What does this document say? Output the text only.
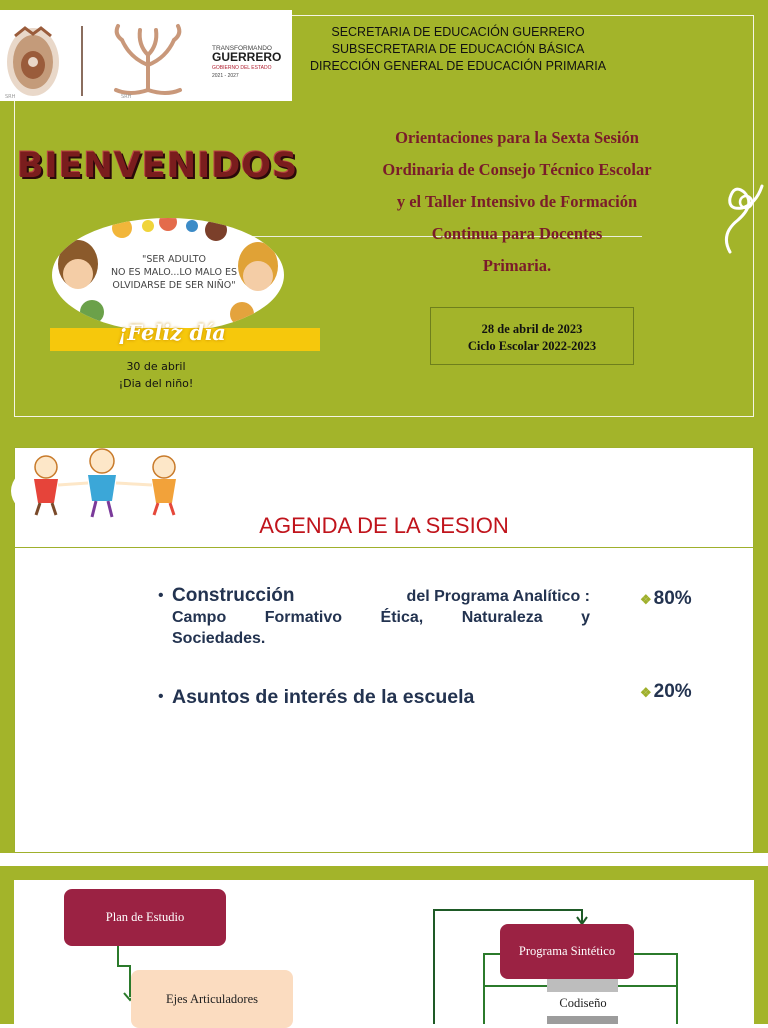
SRH	SRH
TRANSFORMANDO
GUERRERO
GOBIERNO DEL ESTADO
2021 - 2027
SECRETARIA DE EDUCACIÓN GUERRERO
SUBSECRETARIA DE EDUCACIÓN BÁSICA
DIRECCIÓN GENERAL DE EDUCACIÓN PRIMARIA
BIENVENIDOS
Orientaciones para la Sexta Sesión
Ordinaria de Consejo Técnico Escolar
y el Taller Intensivo de Formación
Continua para Docentes
Primaria.
28 de abril de 2023
Ciclo Escolar 2022-2023
"SER ADULTO
NO ES MALO...LO MALO ES
OLVIDARSE DE SER NIÑO"
¡Feliz día
30 de abril
¡Dia del niño!
AGENDA DE LA SESION
• Construcción	del Programa Analítico :
Campo Formativo Ética, Naturaleza y
Sociedades.
❖ 80%
• Asuntos de interés de la escuela	❖ 20%
Plan de Estudio
Ejes Articuladores
Programa Sintético
Codiseño
